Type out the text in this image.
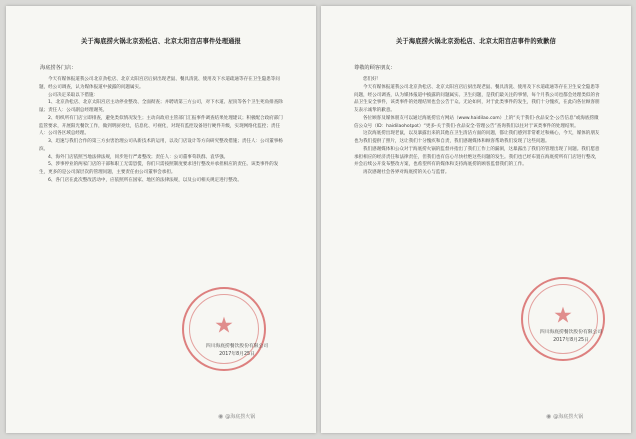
关于海底捞火锅北京劲松店、北京太阳宫店事件处理通报
海底捞各门店：

今天有媒体报道我公司北京劲松店、北京太阳宫店后厨出现老鼠、餐具清洗、使用及下水道疏通等存在卫生隐患等问题，经公司调查，认为媒体报道中披露的问题属实。

公司决定采取以下措施：

1、北京劲松店、北京太阳宫店主动停业整改、全面彻查；并聘请第三方公司，对下水道、屋顶等各个卫生死角排查除鼠；责任人：公司副总经理谢英。

2、组织所有门店立即排查，避免类似情况发生；主动向政府主管部门汇报事件调查结果处理建议；积极配合政府部门监管要求，开展阳光餐饮工作，做到明厨亮灶，信息化、可视化，对现有监控设备进行硬件升级，实现网络化监控；责任人：公司各区域总经理。

3、迅速与我们合作的第三方虫害治理公司从新技术的运用，以及门店设计等方向研究整改措施；责任人：公司董事杨滨。

4、海外门店依照当地法律法规，同步进行严肃整改；责任人：公司董事苟轶群、袁华强。

5、涉事停业的两家门店的干部和职工无需恐慌，你们只需按照制度要求进行整改并承担相应的责任。该类事件的发生，更多的是公司深层次的管理问题，主要责任由公司董事会承担。

6、各门店在此次整改活动中，应依照所在国家、地区的法律法规，以及公司相关规定进行整改。

★
四川海底捞餐饮股份有限公司
2017年8月25日
关于海底捞火锅北京劲松店、北京太阳宫店事件的致歉信
尊敬的顾客朋友：

您们好！

今天有媒体报道我公司北京劲松店、北京太阳宫店后厨出现老鼠、餐具清洗、使用及下水道疏通等存在卫生安全隐患等问题，经公司调查，认为媒体报道中披露的问题属实。卫生问题，是我们最关注的事情，每个月我公司也都会处理类似的食品卫生安全事件，该类事件的处理结果也会公告于众。无论如何，对于此类事件的发生，我们十分愧疚，在此向各位顾客朋友表示诚挚的歉意。

各位顾客及媒体朋友可以通过海底捞官方网站（www.haidilao.com）上的“关于我们-食品安全-公告信息”或海底捞微信公众号（ID：haidilaohotpot）“更多-关于我们-食品安全-管理公告”查询我们以往对于该类事件的处理结果。

这次海底捞出现老鼠，以及暴露出来的其他在卫生清洁方面的问题，都让我们感到非常难过和痛心，今天，媒体的朋友也为我们提供了照片，这让我们十分愧疚和自责，我们感谢媒体和顾客帮助我们发现了这些问题。

我们感谢媒体和公众对于海底捞火锅的监督并指出了我们工作上的漏洞，这暴露出了我们的管理出现了问题。我们愿意承担相应的经济责任和法律责任，但我们也有信心尽快杜绝这些问题的发生。我们也已经布置在海底捞所有门店进行整改，并会后续公开发布整改方案，也希望所有的媒体和支持海底捞的顾客监督我们的工作。

再次感谢社会各界对海底捞的关心与监督。

★
四川海底捞餐饮股份有限公司
2017年8月25日
◉ @海底捞火锅	◉ @海底捞火锅
